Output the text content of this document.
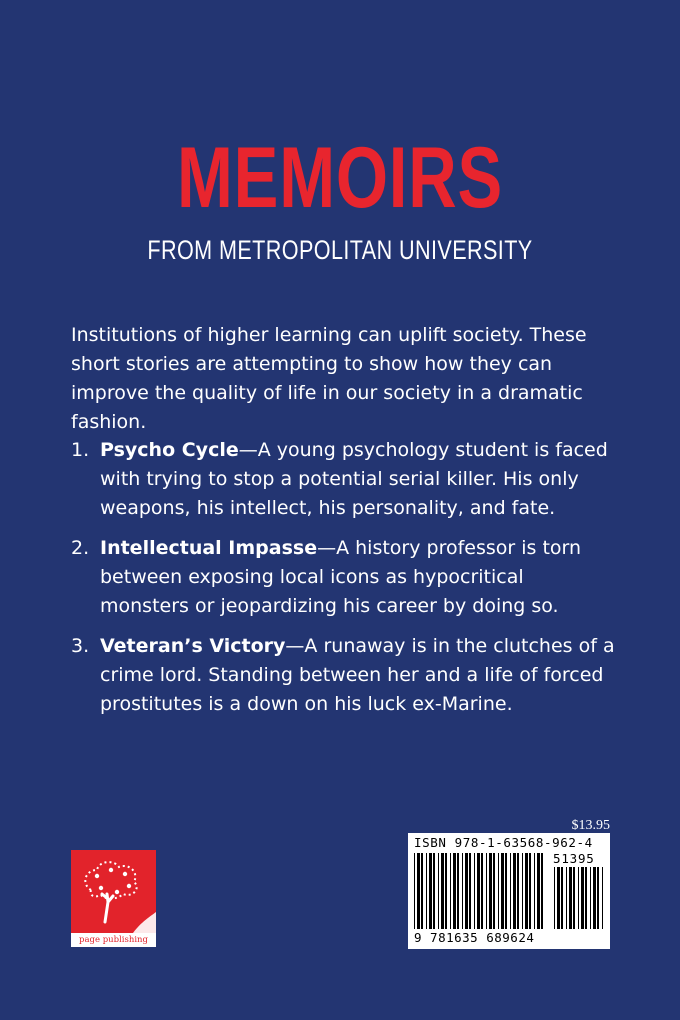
MEMOIRS
FROM METROPOLITAN UNIVERSITY

Institutions of higher learning can uplift society. These short stories are attempting to show how they can improve the quality of life in our society in a dramatic fashion.

1. Psycho Cycle—A young psychology student is faced with trying to stop a potential serial killer. His only weapons, his intellect, his personality, and fate.
2. Intellectual Impasse—A history professor is torn between exposing local icons as hypocritical monsters or jeopardizing his career by doing so.
3. Veteran’s Victory—A runaway is in the clutches of a crime lord. Standing between her and a life of forced prostitutes is a down on his luck ex-Marine.
page publishing
$13.95
ISBN 978-1-63568-962-4
51395
9 781635 689624
